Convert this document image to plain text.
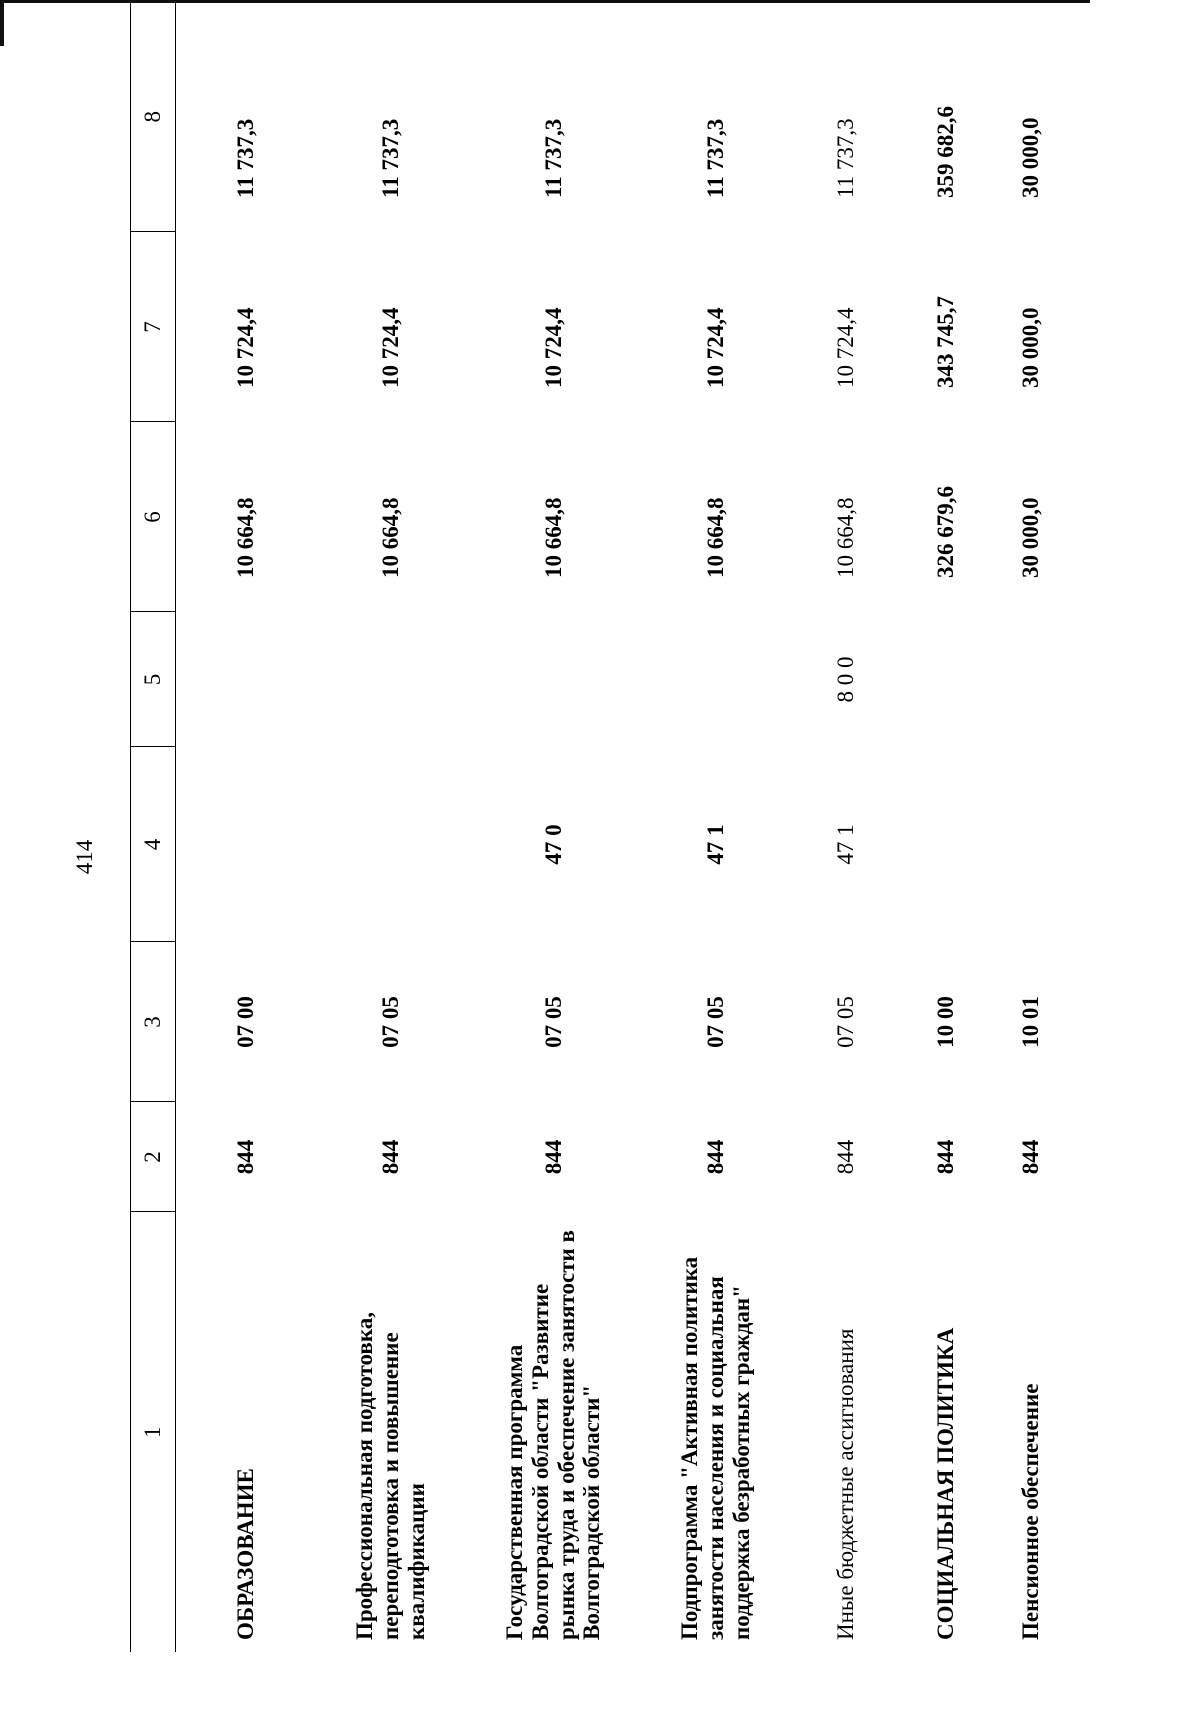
414
1	2	3	4	5	6	7	8
ОБРАЗОВАНИЕ	844	07 00			10 664,8	10 724,4	11 737,3
Профессиональная подготовка, переподготовка и повышение квалификации	844	07 05			10 664,8	10 724,4	11 737,3
Государственная программа Волгоградской области "Развитие рынка труда и обеспечение занятости в Волгоградской области"	844	07 05	47 0		10 664,8	10 724,4	11 737,3
Подпрограмма "Активная политика занятости населения и социальная поддержка безработных граждан"	844	07 05	47 1		10 664,8	10 724,4	11 737,3
Иные бюджетные ассигнования	844	07 05	47 1	8 0 0	10 664,8	10 724,4	11 737,3
СОЦИАЛЬНАЯ ПОЛИТИКА	844	10 00			326 679,6	343 745,7	359 682,6
Пенсионное обеспечение	844	10 01			30 000,0	30 000,0	30 000,0
